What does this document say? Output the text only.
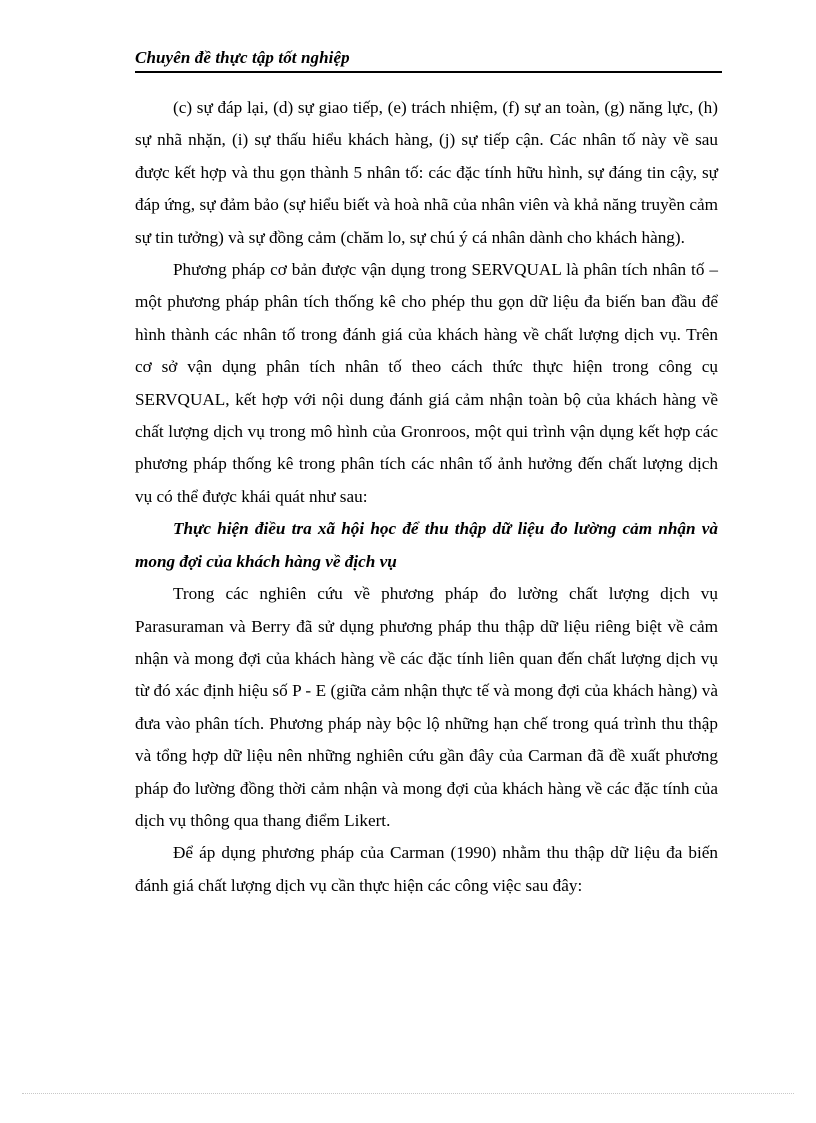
Chuyên đề thực tập tốt nghiệp

(c) sự đáp lại, (d) sự giao tiếp, (e) trách nhiệm, (f) sự an toàn, (g) năng lực, (h) sự nhã nhặn, (i) sự thấu hiểu khách hàng, (j) sự tiếp cận. Các nhân tố này về sau được kết hợp và thu gọn thành 5 nhân tố: các đặc tính hữu hình, sự đáng tin cậy, sự đáp ứng, sự đảm bảo (sự hiểu biết và hoà nhã của nhân viên và khả năng truyền cảm sự tin tưởng) và sự đồng cảm (chăm lo, sự chú ý cá nhân dành cho khách hàng).

Phương pháp cơ bản được vận dụng trong SERVQUAL là phân tích nhân tố – một phương pháp phân tích thống kê cho phép thu gọn dữ liệu đa biến ban đầu để hình thành các nhân tố trong đánh giá của khách hàng về chất lượng dịch vụ. Trên cơ sở vận dụng phân tích nhân tố theo cách thức thực hiện trong công cụ SERVQUAL, kết hợp với nội dung đánh giá cảm nhận toàn bộ của khách hàng về chất lượng dịch vụ trong mô hình của Gronroos, một qui trình vận dụng kết hợp các phương pháp thống kê trong phân tích các nhân tố ảnh hưởng đến chất lượng dịch vụ có thể được khái quát như sau:

Thực hiện điều tra xã hội học để thu thập dữ liệu đo lường cảm nhận và mong đợi của khách hàng về địch vụ

Trong các nghiên cứu về phương pháp đo lường chất lượng dịch vụ Parasuraman và Berry đã sử dụng phương pháp thu thập dữ liệu riêng biệt về cảm nhận và mong đợi của khách hàng về các đặc tính liên quan đến chất lượng dịch vụ từ đó xác định hiệu số P - E (giữa cảm nhận thực tế và mong đợi của khách hàng) và đưa vào phân tích. Phương pháp này bộc lộ những hạn chế trong quá trình thu thập và tổng hợp dữ liệu nên những nghiên cứu gần đây của Carman đã đề xuất phương pháp đo lường đồng thời cảm nhận và mong đợi của khách hàng về các đặc tính của dịch vụ thông qua thang điểm Likert.

Để áp dụng phương pháp của Carman (1990) nhằm thu thập dữ liệu đa biến đánh giá chất lượng dịch vụ cần thực hiện các công việc sau đây:
